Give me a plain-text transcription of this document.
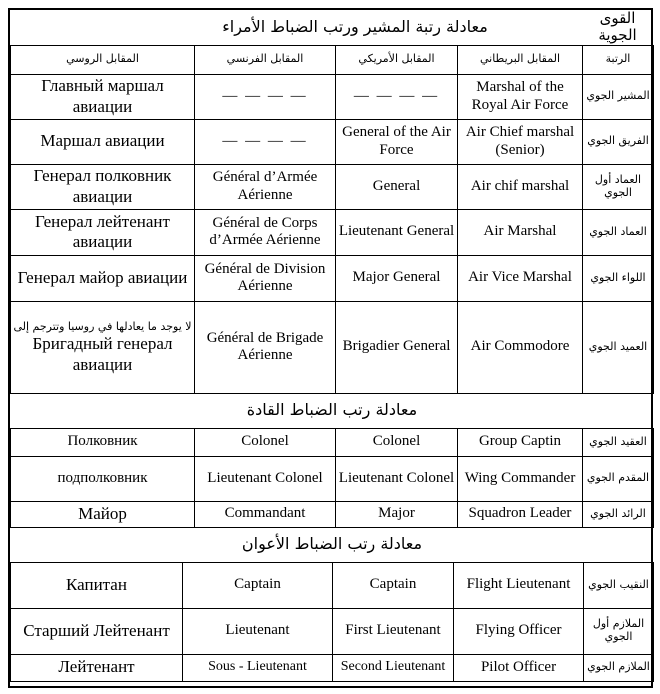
	معادلة رتبة المشير ورتب الضباط الأمراء	القوى الجوية
المقابل الروسي	المقابل الفرنسي	المقابل الأمريكي	المقابل البريطاني	الرتبة
Главный маршал авиации	— — — —	— — — —	Marshal of the Royal Air Force	المشير الجوي
Маршал авиации	— — — —	General of the Air Force	Air Chief marshal (Senior)	الفريق الجوي
Генерал полковник авиации	Général d’Armée Aérienne	General	Air chif marshal	العماد أول الجوي
Генерал лейтенант авиации	Général de Corps d’Armée Aérienne	Lieutenant General	Air Marshal	العماد الجوي
Генерал майор авиации	Général de Division Aérienne	Major General	Air Vice Marshal	اللواء الجوي

لا يوجد ما يعادلها في روسيا وتترجم إلى
Бригадный генерал авиации	Général de Brigade Aérienne	Brigadier General	Air Commodore	العميد الجوي
معادلة رتب الضباط القادة				
Полковник	Colonel	Colonel	Group Captin	العقيد الجوي
подполковник	Lieutenant Colonel	Lieutenant Colonel	Wing Commander	المقدم الجوي
Майор	Commandant	Major	Squadron Leader	الرائد الجوي
معادلة رتب الضباط الأعوان				
Капитан	Captain	Captain	Flight Lieutenant	النقيب الجوي
Старший Лейтенант	Lieutenant	First Lieutenant	Flying Officer	الملازم أول الجوي
Лейтенант	Sous - Lieutenant	Second Lieutenant	Pilot Officer	الملازم الجوي
